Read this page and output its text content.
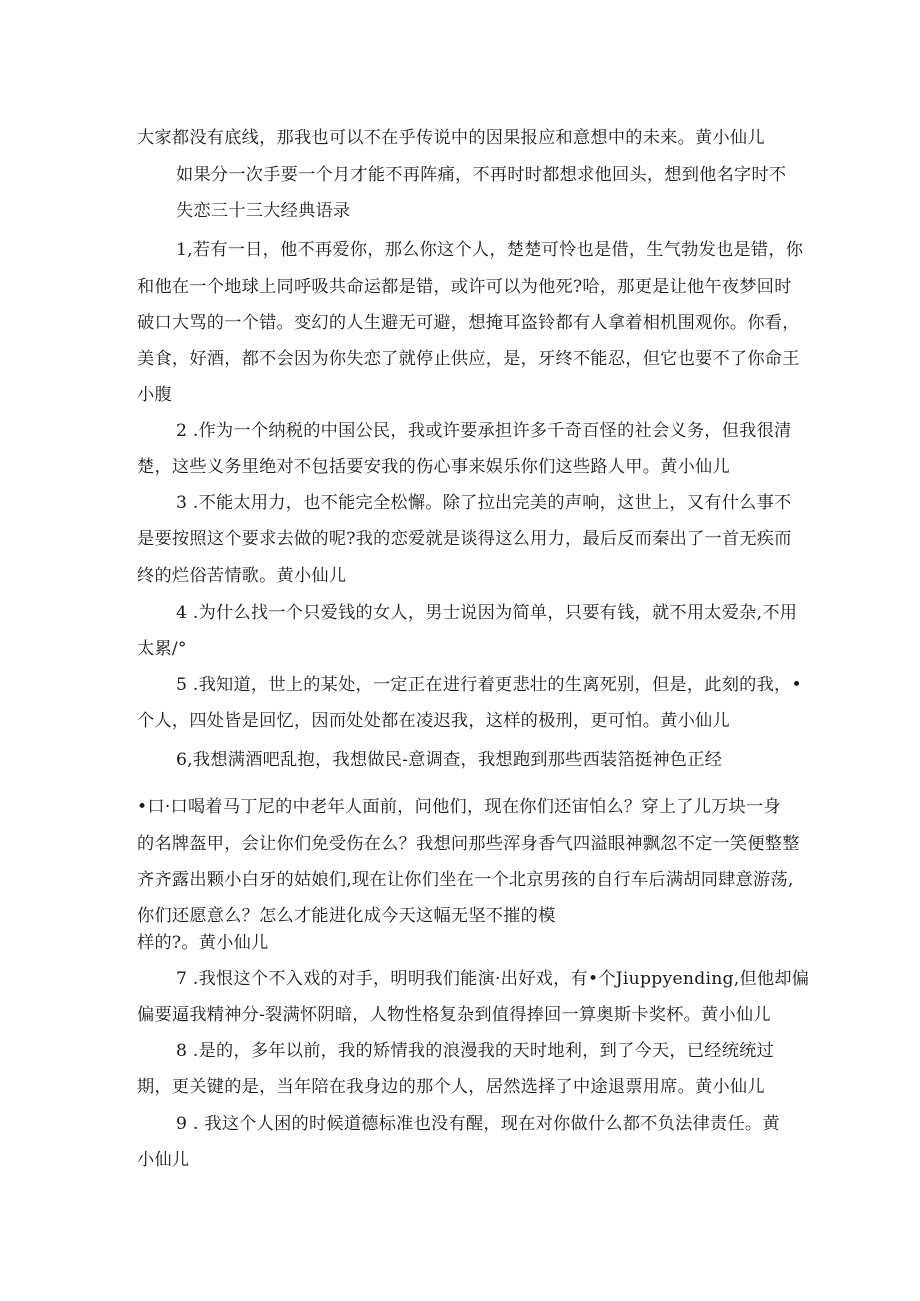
大家都没有底线，那我也可以不在乎传说中的因果报应和意想中的未来。黄小仙儿
如果分一次手要一个月才能不再阵痛，不再时时都想求他回头，想到他名字时不
失恋三十三大经典语录
1,若有一日，他不再爱你，那么你这个人，楚楚可怜也是借，生气勃发也是错，你
和他在一个地球上同呼吸共命运都是错，或许可以为他死?哈，那更是让他午夜梦回时
破口大骂的一个错。变幻的人生避无可避，想掩耳盗铃都有人拿着相机围观你。你看，
美食，好酒，都不会因为你失恋了就停止供应，是，牙终不能忍，但它也要不了你命王
小腹
2 .作为一个纳税的中国公民，我或许要承担许多千奇百怪的社会义务，但我很清
楚，这些义务里绝对不包括要安我的伤心事来娱乐你们这些路人甲。黄小仙儿
3 .不能太用力，也不能完全松懈。除了拉出完美的声响，这世上，又有什么事不
是要按照这个要求去做的呢?我的恋爱就是谈得这么用力，最后反而秦出了一首无疾而
终的烂俗苦情歌。黄小仙儿
4 .为什么找一个只爱钱的女人，男士说因为简单，只要有钱，就不用太爱杂,不用
太累/°
5 .我知道，世上的某处，一定正在进行着更悲壮的生离死别，但是，此刻的我，•
个人，四处皆是回忆，因而处处都在凌迟我，这样的极刑，更可怕。黄小仙儿
6,我想满酒吧乱抱，我想做民-意调查，我想跑到那些西装箔挺神色正经
•口·口喝着马丁尼的中老年人面前，问他们，现在你们还宙怕么？穿上了儿万块一身
的名牌盔甲，会让你们免受伤在么？我想问那些浑身香气四溢眼神飘忽不定一笑便整整
齐齐露出颗小白牙的姑娘们,现在让你们坐在一个北京男孩的自行车后满胡同肆意游荡,
你们还愿意么？怎么才能进化成今天这幅无坚不摧的模
样的?。黄小仙儿
7 .我恨这个不入戏的对手，明明我们能演·出好戏，有•个Jiuppyending,但他却偏
偏要逼我精神分-裂满怀阴暗，人物性格复杂到值得捧回一算奥斯卡奖杯。黄小仙儿
8 .是的，多年以前，我的矫情我的浪漫我的天时地利，到了今天，已经统统过
期，更关键的是，当年陪在我身边的那个人，居然选择了中途退票用席。黄小仙儿
9 . 我这个人困的时候道德标准也没有醒，现在对你做什么都不负法律责任。黄
小仙儿
